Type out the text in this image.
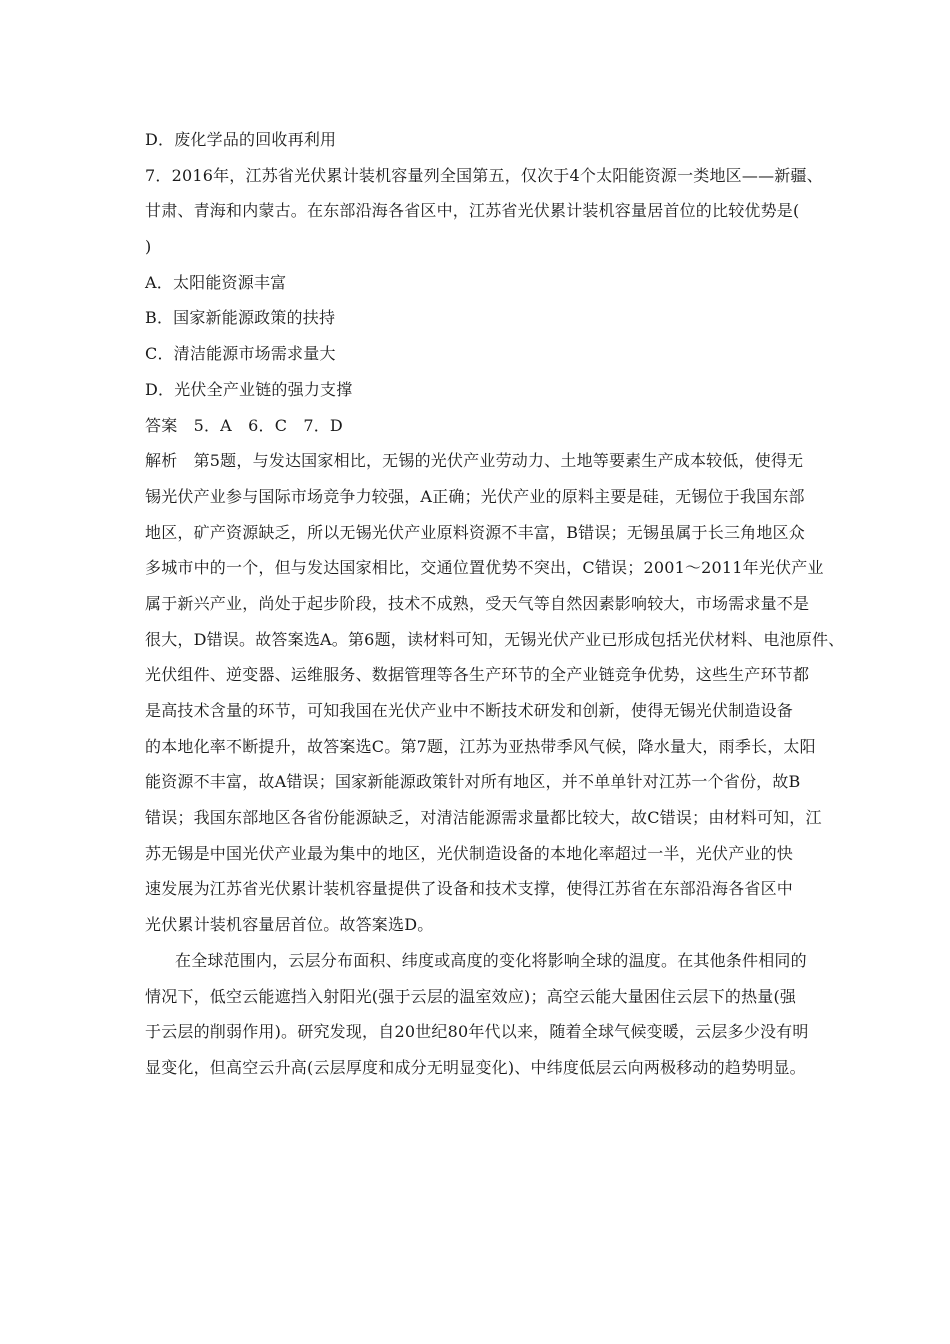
D．废化学品的回收再利用
7．2016年，江苏省光伏累计装机容量列全国第五，仅次于4个太阳能资源一类地区——新疆、
甘肃、青海和内蒙古。在东部沿海各省区中，江苏省光伏累计装机容量居首位的比较优势是(
)
A．太阳能资源丰富
B．国家新能源政策的扶持
C．清洁能源市场需求量大
D．光伏全产业链的强力支撑
答案　5．A　6．C　7．D
解析　第5题，与发达国家相比，无锡的光伏产业劳动力、土地等要素生产成本较低，使得无
锡光伏产业参与国际市场竞争力较强，A正确；光伏产业的原料主要是硅，无锡位于我国东部
地区，矿产资源缺乏，所以无锡光伏产业原料资源不丰富，B错误；无锡虽属于长三角地区众
多城市中的一个，但与发达国家相比，交通位置优势不突出，C错误；2001～2011年光伏产业
属于新兴产业，尚处于起步阶段，技术不成熟，受天气等自然因素影响较大，市场需求量不是
很大，D错误。故答案选A。第6题，读材料可知，无锡光伏产业已形成包括光伏材料、电池原件、
光伏组件、逆变器、运维服务、数据管理等各生产环节的全产业链竞争优势，这些生产环节都
是高技术含量的环节，可知我国在光伏产业中不断技术研发和创新，使得无锡光伏制造设备
的本地化率不断提升，故答案选C。第7题，江苏为亚热带季风气候，降水量大，雨季长，太阳
能资源不丰富，故A错误；国家新能源政策针对所有地区，并不单单针对江苏一个省份，故B
错误；我国东部地区各省份能源缺乏，对清洁能源需求量都比较大，故C错误；由材料可知，江
苏无锡是中国光伏产业最为集中的地区，光伏制造设备的本地化率超过一半，光伏产业的快
速发展为江苏省光伏累计装机容量提供了设备和技术支撑，使得江苏省在东部沿海各省区中
光伏累计装机容量居首位。故答案选D。
在全球范围内，云层分布面积、纬度或高度的变化将影响全球的温度。在其他条件相同的
情况下，低空云能遮挡入射阳光(强于云层的温室效应)；高空云能大量困住云层下的热量(强
于云层的削弱作用)。研究发现，自20世纪80年代以来，随着全球气候变暖，云层多少没有明
显变化，但高空云升高(云层厚度和成分无明显变化)、中纬度低层云向两极移动的趋势明显。
